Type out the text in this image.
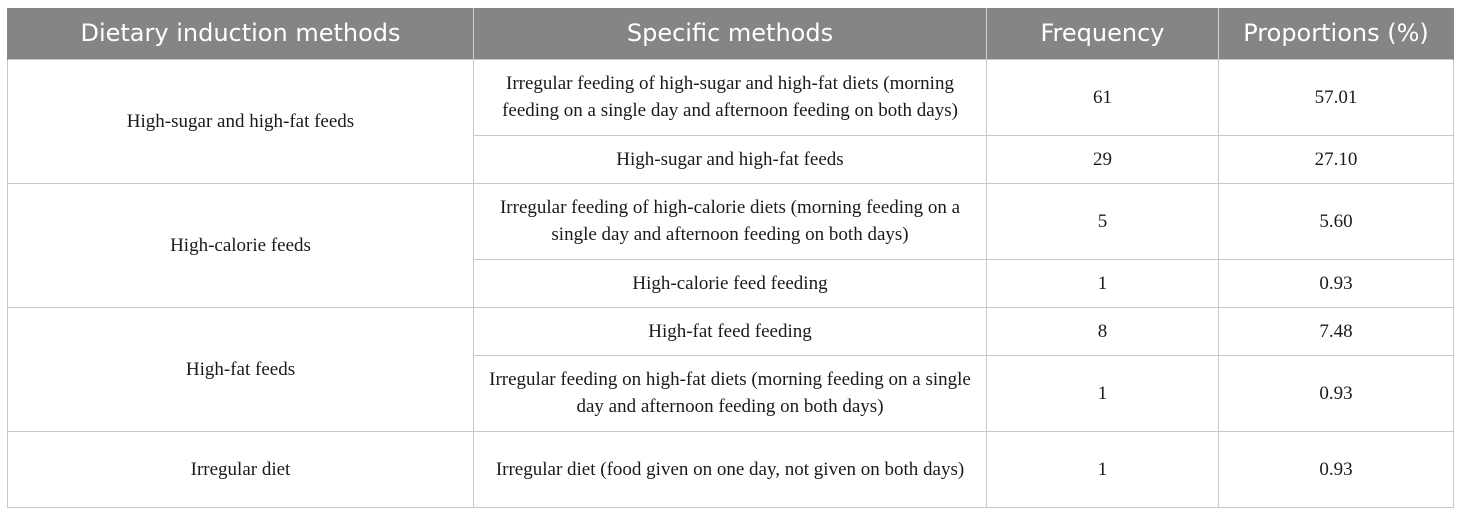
Dietary induction methods	Specific methods	Frequency	Proportions (%)
High-sugar and high-fat feeds	Irregular feeding of high-sugar and high-fat diets (morning feeding on a single day and afternoon feeding on both days)	61	57.01
	High-sugar and high-fat feeds	29	27.10
High-calorie feeds	Irregular feeding of high-calorie diets (morning feeding on a single day and afternoon feeding on both days)	5	5.60
	High-calorie feed feeding	1	0.93
High-fat feeds	High-fat feed feeding	8	7.48
	Irregular feeding on high-fat diets (morning feeding on a single day and afternoon feeding on both days)	1	0.93
Irregular diet	Irregular diet (food given on one day, not given on both days)	1	0.93
